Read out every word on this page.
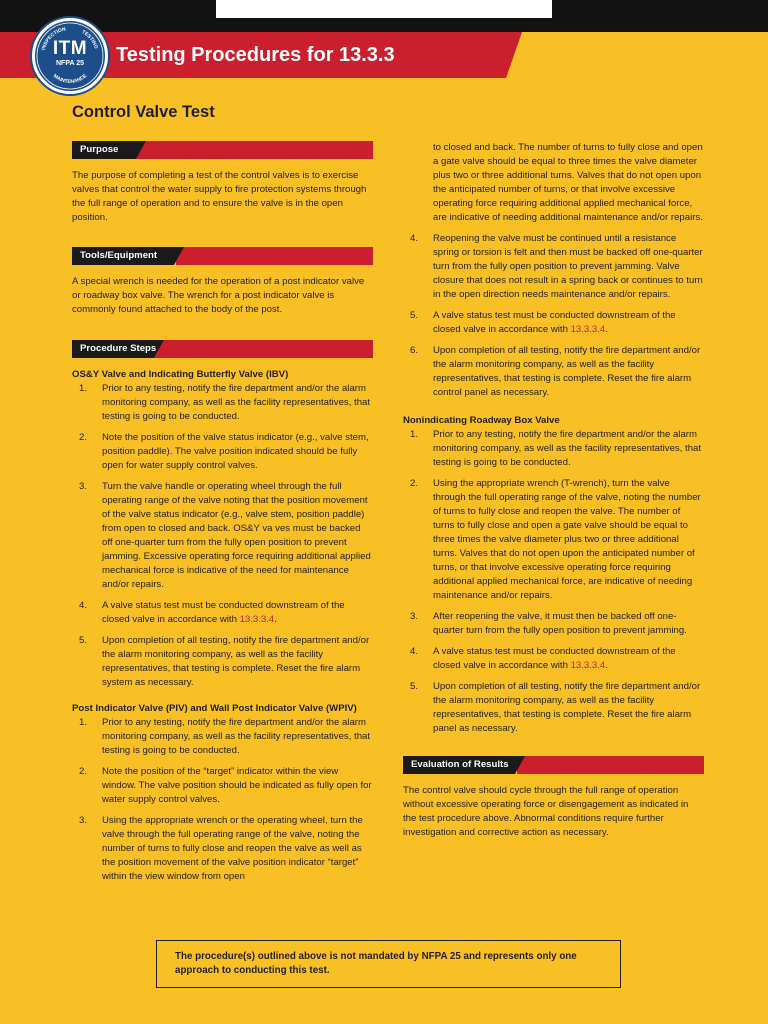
INSPECTION	TESTING
MAINTENANCE
ITM
NFPA 25	Testing Procedures for 13.3.3
Control Valve Test
Purpose

The purpose of completing a test of the control valves is to exercise valves that control the water supply to fire protection systems through the full range of operation and to ensure the valve is in the open position.

Tools/Equipment

A special wrench is needed for the operation of a post indicator valve or roadway box valve. The wrench for a post indicator valve is commonly found attached to the body of the post.

Procedure Steps

OS&Y Valve and Indicating Butterfly Valve (IBV)

1. Prior to any testing, notify the fire department and/or the alarm monitoring company, as well as the facility representatives, that testing is going to be conducted.
2. Note the position of the valve status indicator (e.g., valve stem, position paddle). The valve position indicated should be fully open for water supply control valves.
3. Turn the valve handle or operating wheel through the full operating range of the valve noting that the position movement of the valve status indicator (e.g., valve stem, position paddle) from open to closed and back. OS&Y va ves must be backed off one-quarter turn from the fully open position to prevent jamming. Excessive operating force requiring additional applied mechanical force is indicative of the need for maintenance and/or repairs.
4. A valve status test must be conducted downstream of the closed valve in accordance with 13.3.3.4.
5. Upon completion of all testing, notify the fire department and/or the alarm monitoring company, as well as the facility representatives, that testing is complete. Reset the fire alarm system as necessary.

Post Indicator Valve (PIV) and Wall Post Indicator Valve (WPIV)

1. Prior to any testing, notify the fire department and/or the alarm monitoring company, as well as the facility representatives, that testing is going to be conducted.
2. Note the position of the “target” indicator within the view window. The valve position should be indicated as fully open for water supply control valves.
3. Using the appropriate wrench or the operating wheel, turn the valve through the full operating range of the valve, noting the number of turns to fully close and reopen the valve as well as the position movement of the valve position indicator “target” within the view window from open
to closed and back. The number of turns to fully close and open a gate valve should be equal to three times the valve diameter plus two or three additional turns. Valves that do not open upon the anticipated number of turns, or that involve excessive operating force requiring additional applied mechanical force, are indicative of needing additional maintenance and/or repairs.
4. Reopening the valve must be continued until a resistance spring or torsion is felt and then must be backed off one-quarter turn from the fully open position to prevent jamming. Valve closure that does not result in a spring back or continues to turn in the open direction needs maintenance and/or repairs.
5. A valve status test must be conducted downstream of the closed valve in accordance with 13.3.3.4.
6. Upon completion of all testing, notify the fire department and/or the alarm monitoring company, as well as the facility representatives, that testing is complete. Reset the fire alarm control panel as necessary.

Nonindicating Roadway Box Valve

1. Prior to any testing, notify the fire department and/or the alarm monitoring company, as well as the facility representatives, that testing is going to be conducted.
2. Using the appropriate wrench (T-wrench), turn the valve through the full operating range of the valve, noting the number of turns to fully close and reopen the valve. The number of turns to fully close and open a gate valve should be equal to three times the valve diameter plus two or three additional turns. Valves that do not open upon the anticipated number of turns, or that involve excessive operating force requiring additional applied mechanical force, are indicative of needing maintenance and/or repairs.
3. After reopening the valve, it must then be backed off one-quarter turn from the fully open position to prevent jamming.
4. A valve status test must be conducted downstream of the closed valve in accordance with 13.3.3.4.
5. Upon completion of all testing, notify the fire department and/or the alarm monitoring company, as well as the facility representatives, that testing is complete. Reset the fire alarm panel as necessary.
Evaluation of Results

The control valve should cycle through the full range of operation without excessive operating force or disengagement as indicated in the test procedure above. Abnormal conditions require further investigation and corrective action as necessary.

The procedure(s) outlined above is not mandated by NFPA 25 and represents only one approach to conducting this test.
